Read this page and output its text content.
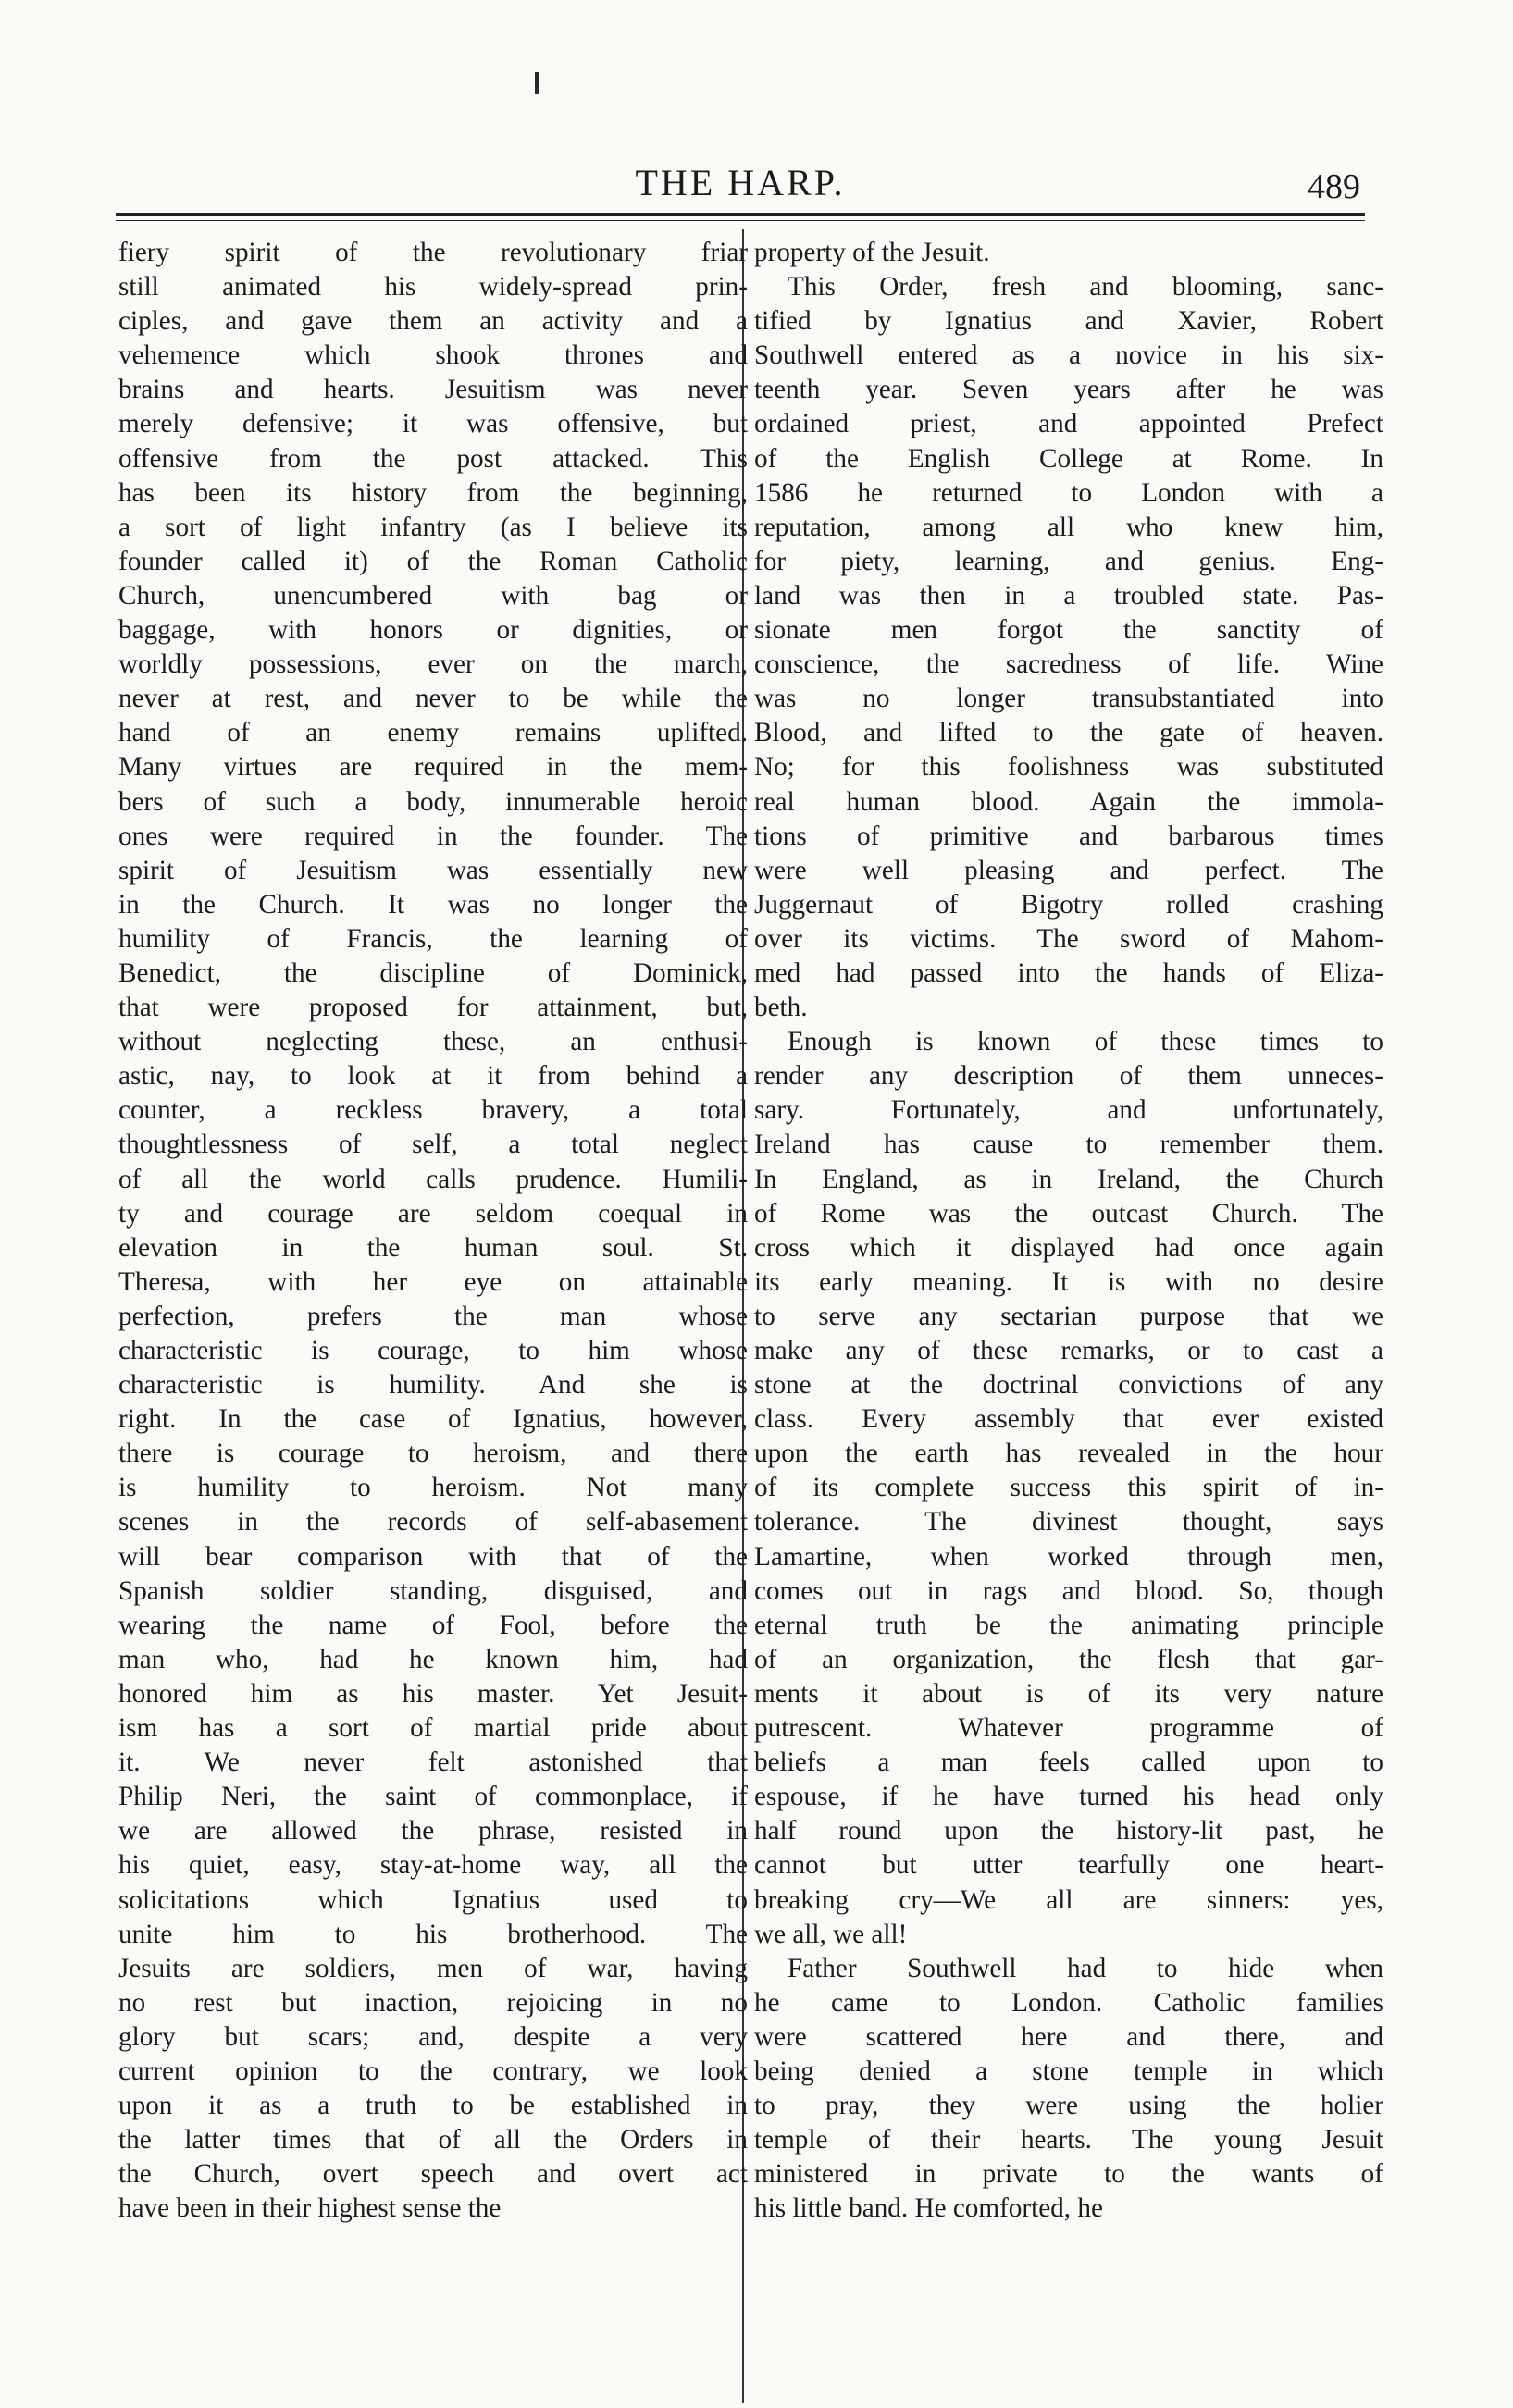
THE HARP.	489
fiery spirit of the revolutionary friar
still animated his widely-spread prin-
ciples, and gave them an activity and a
vehemence which shook thrones and
brains and hearts. Jesuitism was never
merely defensive; it was offensive, but
offensive from the post attacked. This
has been its history from the beginning,
a sort of light infantry (as I believe its
founder called it) of the Roman Catholic
Church, unencumbered with bag or
baggage, with honors or dignities, or
worldly possessions, ever on the march,
never at rest, and never to be while the
hand of an enemy remains uplifted.
Many virtues are required in the mem-
bers of such a body, innumerable heroic
ones were required in the founder. The
spirit of Jesuitism was essentially new
in the Church. It was no longer the
humility of Francis, the learning of
Benedict, the discipline of Dominick,
that were proposed for attainment, but,
without neglecting these, an enthusi-
astic, nay, to look at it from behind a
counter, a reckless bravery, a total
thoughtlessness of self, a total neglect
of all the world calls prudence. Humili-
ty and courage are seldom coequal in
elevation in the human soul. St.
Theresa, with her eye on attainable
perfection, prefers the man whose
characteristic is courage, to him whose
characteristic is humility. And she is
right. In the case of Ignatius, however,
there is courage to heroism, and there
is humility to heroism. Not many
scenes in the records of self-abasement
will bear comparison with that of the
Spanish soldier standing, disguised, and
wearing the name of Fool, before the
man who, had he known him, had
honored him as his master. Yet Jesuit-
ism has a sort of martial pride about
it. We never felt astonished that
Philip Neri, the saint of commonplace, if
we are allowed the phrase, resisted in
his quiet, easy, stay-at-home way, all the
solicitations which Ignatius used to
unite him to his brotherhood. The
Jesuits are soldiers, men of war, having
no rest but inaction, rejoicing in no
glory but scars; and, despite a very
current opinion to the contrary, we look
upon it as a truth to be established in
the latter times that of all the Orders in
the Church, overt speech and overt act
have been in their highest sense the
property of the Jesuit.
This Order, fresh and blooming, sanc-
tified by Ignatius and Xavier, Robert
Southwell entered as a novice in his six-
teenth year. Seven years after he was
ordained priest, and appointed Prefect
of the English College at Rome. In
1586 he returned to London with a
reputation, among all who knew him,
for piety, learning, and genius. Eng-
land was then in a troubled state. Pas-
sionate men forgot the sanctity of
conscience, the sacredness of life. Wine
was no longer transubstantiated into
Blood, and lifted to the gate of heaven.
No; for this foolishness was substituted
real human blood. Again the immola-
tions of primitive and barbarous times
were well pleasing and perfect. The
Juggernaut of Bigotry rolled crashing
over its victims. The sword of Mahom-
med had passed into the hands of Eliza-
beth.
Enough is known of these times to
render any description of them unneces-
sary. Fortunately, and unfortunately,
Ireland has cause to remember them.
In England, as in Ireland, the Church
of Rome was the outcast Church. The
cross which it displayed had once again
its early meaning. It is with no desire
to serve any sectarian purpose that we
make any of these remarks, or to cast a
stone at the doctrinal convictions of any
class. Every assembly that ever existed
upon the earth has revealed in the hour
of its complete success this spirit of in-
tolerance. The divinest thought, says
Lamartine, when worked through men,
comes out in rags and blood. So, though
eternal truth be the animating principle
of an organization, the flesh that gar-
ments it about is of its very nature
putrescent. Whatever programme of
beliefs a man feels called upon to
espouse, if he have turned his head only
half round upon the history-lit past, he
cannot but utter tearfully one heart-
breaking cry—We all are sinners: yes,
we all, we all!
Father Southwell had to hide when
he came to London. Catholic families
were scattered here and there, and
being denied a stone temple in which
to pray, they were using the holier
temple of their hearts. The young Jesuit
ministered in private to the wants of
his little band. He comforted, he
